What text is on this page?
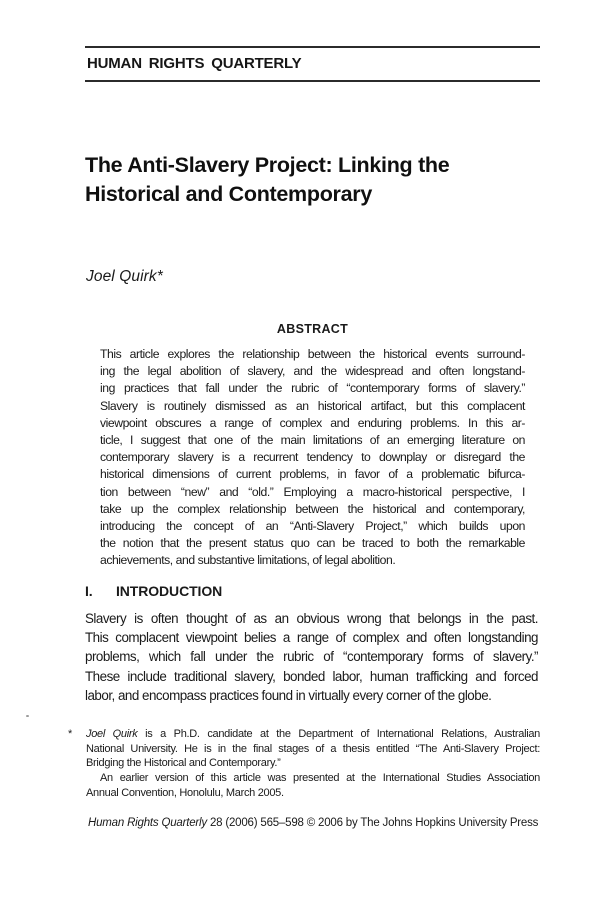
HUMAN RIGHTS QUARTERLY
The Anti-Slavery Project: Linking the
Historical and Contemporary
Joel Quirk*
ABSTRACT
This article explores the relationship between the historical events surround-
ing the legal abolition of slavery, and the widespread and often longstand-
ing practices that fall under the rubric of “contemporary forms of slavery.”
Slavery is routinely dismissed as an historical artifact, but this complacent
viewpoint obscures a range of complex and enduring problems. In this ar-
ticle, I suggest that one of the main limitations of an emerging literature on
contemporary slavery is a recurrent tendency to downplay or disregard the
historical dimensions of current problems, in favor of a problematic bifurca-
tion between “new” and “old.” Employing a macro-historical perspective, I
take up the complex relationship between the historical and contemporary,
introducing the concept of an “Anti-Slavery Project,” which builds upon
the notion that the present status quo can be traced to both the remarkable
achievements, and substantive limitations, of legal abolition.
I. INTRODUCTION
Slavery is often thought of as an obvious wrong that belongs in the past.
This complacent viewpoint belies a range of complex and often longstanding
problems, which fall under the rubric of “contemporary forms of slavery.”
These include traditional slavery, bonded labor, human trafficking and forced
labor, and encompass practices found in virtually every corner of the globe.
* Joel Quirk is a Ph.D. candidate at the Department of International Relations, Australian
National University. He is in the final stages of a thesis entitled “The Anti-Slavery Project:
Bridging the Historical and Contemporary.”
An earlier version of this article was presented at the International Studies Association
Annual Convention, Honolulu, March 2005.
Human Rights Quarterly 28 (2006) 565–598 © 2006 by The Johns Hopkins University Press
